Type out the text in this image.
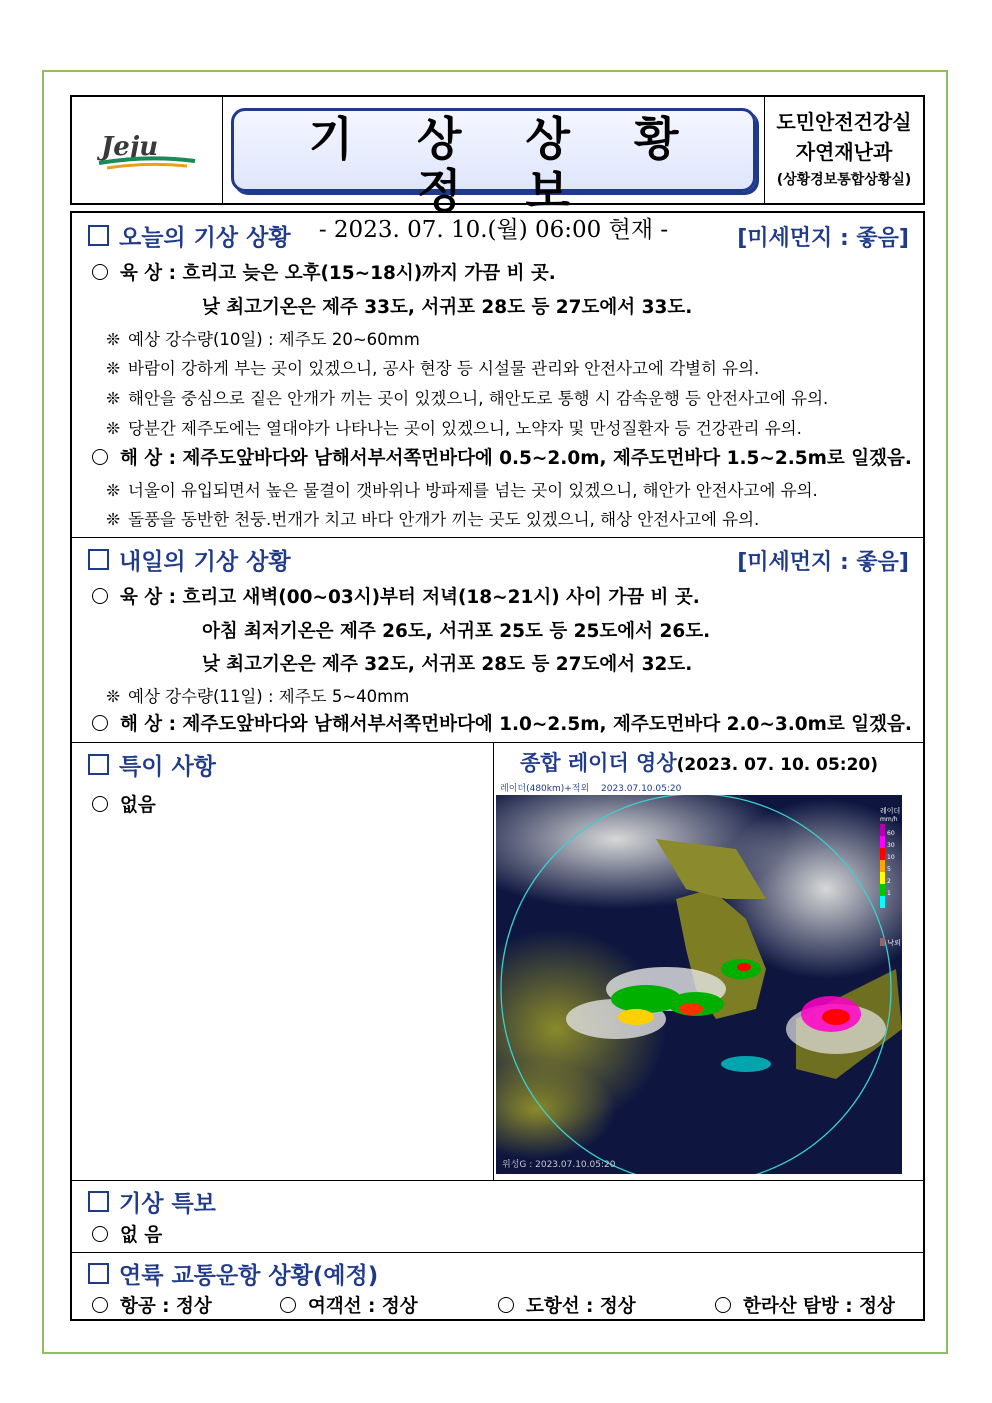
Jeju	기 상 상 황 정 보
- 2023. 07. 10.(월) 06:00 현재 -
도민안전건강실
자연재난과
(상황경보통합상황실)
오늘의 기상 상황	[미세먼지 : 좋음]
육 상 : 흐리고 늦은 오후(15~18시)까지 가끔 비 곳.
낮 최고기온은 제주 33도, 서귀포 28도 등 27도에서 33도.
❊ 예상 강수량(10일) : 제주도 20~60mm
❊ 바람이 강하게 부는 곳이 있겠으니, 공사 현장 등 시설물 관리와 안전사고에 각별히 유의.
❊ 해안을 중심으로 짙은 안개가 끼는 곳이 있겠으니, 해안도로 통행 시 감속운행 등 안전사고에 유의.
❊ 당분간 제주도에는 열대야가 나타나는 곳이 있겠으니, 노약자 및 만성질환자 등 건강관리 유의.
해 상 : 제주도앞바다와 남해서부서쪽먼바다에 0.5~2.0m, 제주도먼바다 1.5~2.5m로 일겠음.
❊ 너울이 유입되면서 높은 물결이 갯바위나 방파제를 넘는 곳이 있겠으니, 해안가 안전사고에 유의.
❊ 돌풍을 동반한 천둥.번개가 치고 바다 안개가 끼는 곳도 있겠으니, 해상 안전사고에 유의.
내일의 기상 상황	[미세먼지 : 좋음]
육 상 : 흐리고 새벽(00~03시)부터 저녁(18~21시) 사이 가끔 비 곳.
아침 최저기온은 제주 26도, 서귀포 25도 등 25도에서 26도.
낮 최고기온은 제주 32도, 서귀포 28도 등 27도에서 32도.
❊ 예상 강수량(11일) : 제주도 5~40mm
해 상 : 제주도앞바다와 남해서부서쪽먼바다에 1.0~2.5m, 제주도먼바다 2.0~3.0m로 일겠음.
특이 사항
없음
종합 레이더 영상(2023. 07. 10. 05:20)
레이더(480km)+적외 2023.07.10.05:20
위성G : 2023.07.10.05:20
레이더
mm/h
60
30
10
5
2
1
낙뢰
기상 특보
없 음
연륙 교통운항 상황(예정)
항공 : 정상	여객선 : 정상	도항선 : 정상	한라산 탐방 : 정상
